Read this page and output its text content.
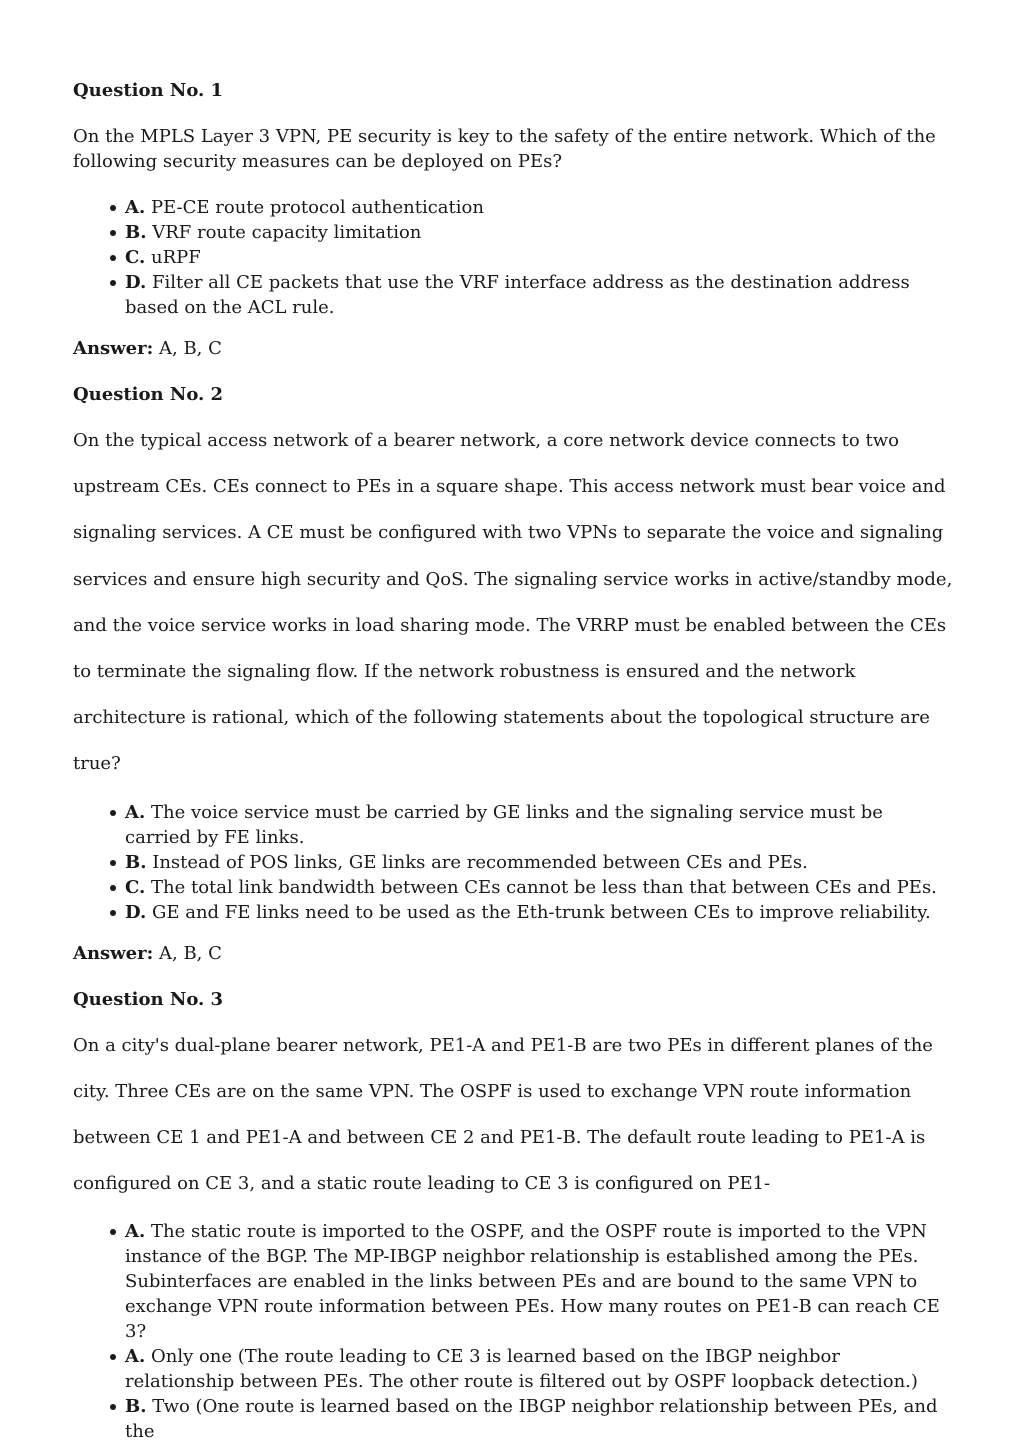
Question No. 1

On the MPLS Layer 3 VPN, PE security is key to the safety of the entire network. Which of the following security measures can be deployed on PEs?

A. PE-CE route protocol authentication
B. VRF route capacity limitation
C. uRPF
D. Filter all CE packets that use the VRF interface address as the destination address based on the ACL rule.

Answer: A, B, C

Question No. 2

On the typical access network of a bearer network, a core network device connects to two upstream CEs. CEs connect to PEs in a square shape. This access network must bear voice and signaling services. A CE must be configured with two VPNs to separate the voice and signaling services and ensure high security and QoS. The signaling service works in active/standby mode, and the voice service works in load sharing mode. The VRRP must be enabled between the CEs to terminate the signaling flow. If the network robustness is ensured and the network architecture is rational, which of the following statements about the topological structure are true?

A. The voice service must be carried by GE links and the signaling service must be carried by FE links.
B. Instead of POS links, GE links are recommended between CEs and PEs.
C. The total link bandwidth between CEs cannot be less than that between CEs and PEs.
D. GE and FE links need to be used as the Eth-trunk between CEs to improve reliability.

Answer: A, B, C

Question No. 3

On a city's dual-plane bearer network, PE1-A and PE1-B are two PEs in different planes of the city. Three CEs are on the same VPN. The OSPF is used to exchange VPN route information between CE 1 and PE1-A and between CE 2 and PE1-B. The default route leading to PE1-A is configured on CE 3, and a static route leading to CE 3 is configured on PE1-

A. The static route is imported to the OSPF, and the OSPF route is imported to the VPN instance of the BGP. The MP-IBGP neighbor relationship is established among the PEs. Subinterfaces are enabled in the links between PEs and are bound to the same VPN to exchange VPN route information between PEs. How many routes on PE1-B can reach CE 3?
A. Only one (The route leading to CE 3 is learned based on the IBGP neighbor relationship between PEs. The other route is filtered out by OSPF loopback detection.)
B. Two (One route is learned based on the IBGP neighbor relationship between PEs, and the
